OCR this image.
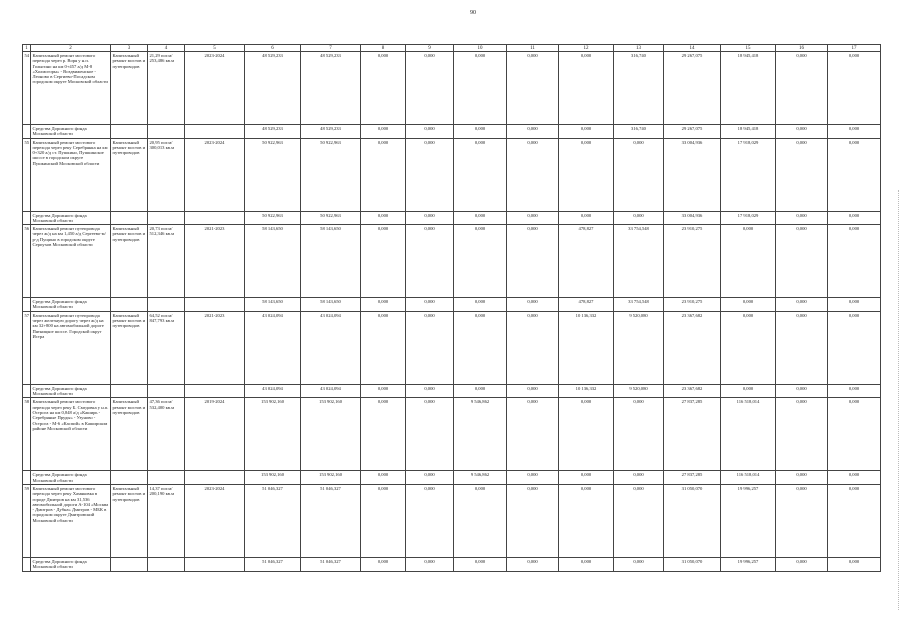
90
1	2	3	4	5	6	7	8	9	10	11	12	13	14	15	16	17
54	Капитальный ремонт мостового перехода через р. Воря у н.п. Голыгино на км 0+457 а/д М-8 «Холмогоры» - Воздвиженское - Леоново в Сергиево-Посадском городском округе Московской области	Капитальный ремонт мостов и путепроводов	21,29 пог.м/ 253,486 кв.м	2023-2024	48 529,233	48 529,233	0,000	0,000	0,000	0,000	0,000	316,740	29 267,075	18 945,418	0,000	0,000
	Средства Дорожного фонда Московской области				48 529,233	48 529,233	0,000	0,000	0,000	0,000	0,000	316,740	29 267,075	18 945,418	0,000	0,000
55	Капитальный ремонт мостового перехода через реку Серебрянка на км 0+320 а/д ст. Пушкино, Пушкинское шоссе в городском округе Пушкинский Московской области	Капитальный ремонт мостов и путепроводов	20,95 пог.м/ 300,013 кв.м	2023-2024	50 922,963	50 922,963	0,000	0,000	0,000	0,000	0,000	0,000	33 004,936	17 918,029	0,000	0,000
	Средства Дорожного фонда Московской области				50 922,963	50 922,963	0,000	0,000	0,000	0,000	0,000	0,000	33 004,936	17 918,029	0,000	0,000
56	Капитальный ремонт путепровода через ж/д на км 1,450 а/д Сергеево-м/р-д Пущино в городском округе Серпухов Московской области	Капитальный ремонт мостов и путепроводов	20,73 пог.м/ 512,346 кв.м	2021-2023	58 143,650	58 143,650	0,000	0,000	0,000	0,000	478,827	33 754,548	23 910,275	0,000	0,000	0,000
	Средства Дорожного фонда Московской области				58 143,650	58 143,650	0,000	0,000	0,000	0,000	478,827	33 754,548	23 910,275	0,000	0,000	0,000
57	Капитальный ремонт путепровода через железную дорогу через ж/д на км 32+800 на автомобильной дороге Пятницкое шоссе. Городской округ Истра	Капитальный ремонт мостов и путепроводов	64,52 пог.м/ 847,793 кв.м	2021-2023	43 024,094	43 024,094	0,000	0,000	0,000	0,000	10 136,332	9 520,080	23 367,682	0,000	0,000	0,000
	Средства Дорожного фонда Московской области				43 024,094	43 024,094	0,000	0,000	0,000	0,000	10 136,332	9 520,080	23 367,682	0,000	0,000	0,000
58	Капитальный ремонт мостового перехода через реку Б. Смедовка у н.п. Острога на км 0,848 а/д «Каширь - Серебряные Пруды» - Узуново - Острога - М-6 «Каспий» в Каширском районе Московской области	Капитальный ремонт мостов и путепроводов	47,36 пог.м/ 532,400 кв.м	2019-2024	153 902,160	153 902,160	0,000	0,000	9 546,862	0,000	0,000	0,000	27 837,285	116 518,014	0,000	0,000
	Средства Дорожного фонда Московской области				153 902,160	153 902,160	0,000	0,000	9 546,862	0,000	0,000	0,000	27 837,285	116 518,014	0,000	0,000
59	Капитальный ремонт мостового перехода через реку Хамяковка в городе Дмитров на км 31,536 автомобильной дороги А-104 «Москва - Дмитров - Дубна» Дмитров - МБК в городском округе Дмитровский Московской области	Капитальный ремонт мостов и путепроводов	14,37 пог.м/ 200,190 кв.м	2023-2024	51 046,327	51 046,327	0,000	0,000	0,000	0,000	0,000	0,000	31 050,070	19 996,257	0,000	0,000
	Средства Дорожного фонда Московской области				51 046,327	51 046,327	0,000	0,000	0,000	0,000	0,000	0,000	31 050,070	19 996,257	0,000	0,000
